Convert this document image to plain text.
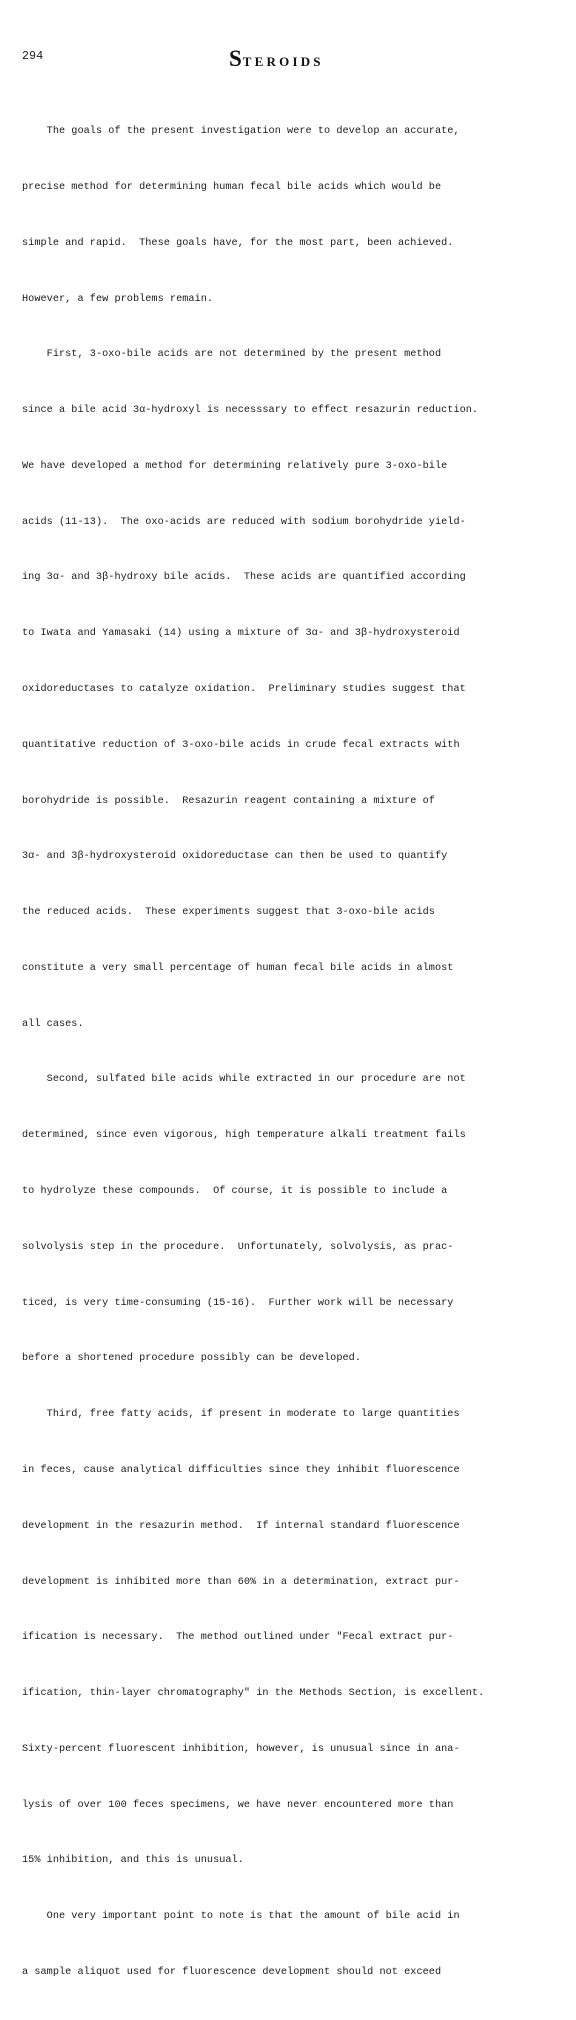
294	STEROIDS

The goals of the present investigation were to develop an accurate,

precise method for determining human fecal bile acids which would be

simple and rapid.  These goals have, for the most part, been achieved.

However, a few problems remain.

First, 3-oxo-bile acids are not determined by the present method

since a bile acid 3α-hydroxyl is necesssary to effect resazurin reduction.

We have developed a method for determining relatively pure 3-oxo-bile

acids (11-13).  The oxo-acids are reduced with sodium borohydride yield-

ing 3α- and 3β-hydroxy bile acids.  These acids are quantified according

to Iwata and Yamasaki (14) using a mixture of 3α- and 3β-hydroxysteroid

oxidoreductases to catalyze oxidation.  Preliminary studies suggest that

quantitative reduction of 3-oxo-bile acids in crude fecal extracts with

borohydride is possible.  Resazurin reagent containing a mixture of

3α- and 3β-hydroxysteroid oxidoreductase can then be used to quantify

the reduced acids.  These experiments suggest that 3-oxo-bile acids

constitute a very small percentage of human fecal bile acids in almost

all cases.

Second, sulfated bile acids while extracted in our procedure are not

determined, since even vigorous, high temperature alkali treatment fails

to hydrolyze these compounds.  Of course, it is possible to include a

solvolysis step in the procedure.  Unfortunately, solvolysis, as prac-

ticed, is very time-consuming (15-16).  Further work will be necessary

before a shortened procedure possibly can be developed.

Third, free fatty acids, if present in moderate to large quantities

in feces, cause analytical difficulties since they inhibit fluorescence

development in the resazurin method.  If internal standard fluorescence

development is inhibited more than 60% in a determination, extract pur-

ification is necessary.  The method outlined under "Fecal extract pur-

ification, thin-layer chromatography" in the Methods Section, is excellent.

Sixty-percent fluorescent inhibition, however, is unusual since in ana-

lysis of over 100 feces specimens, we have never encountered more than

15% inhibition, and this is unusual.

One very important point to note is that the amount of bile acid in

a sample aliquot used for fluorescence development should not exceed
